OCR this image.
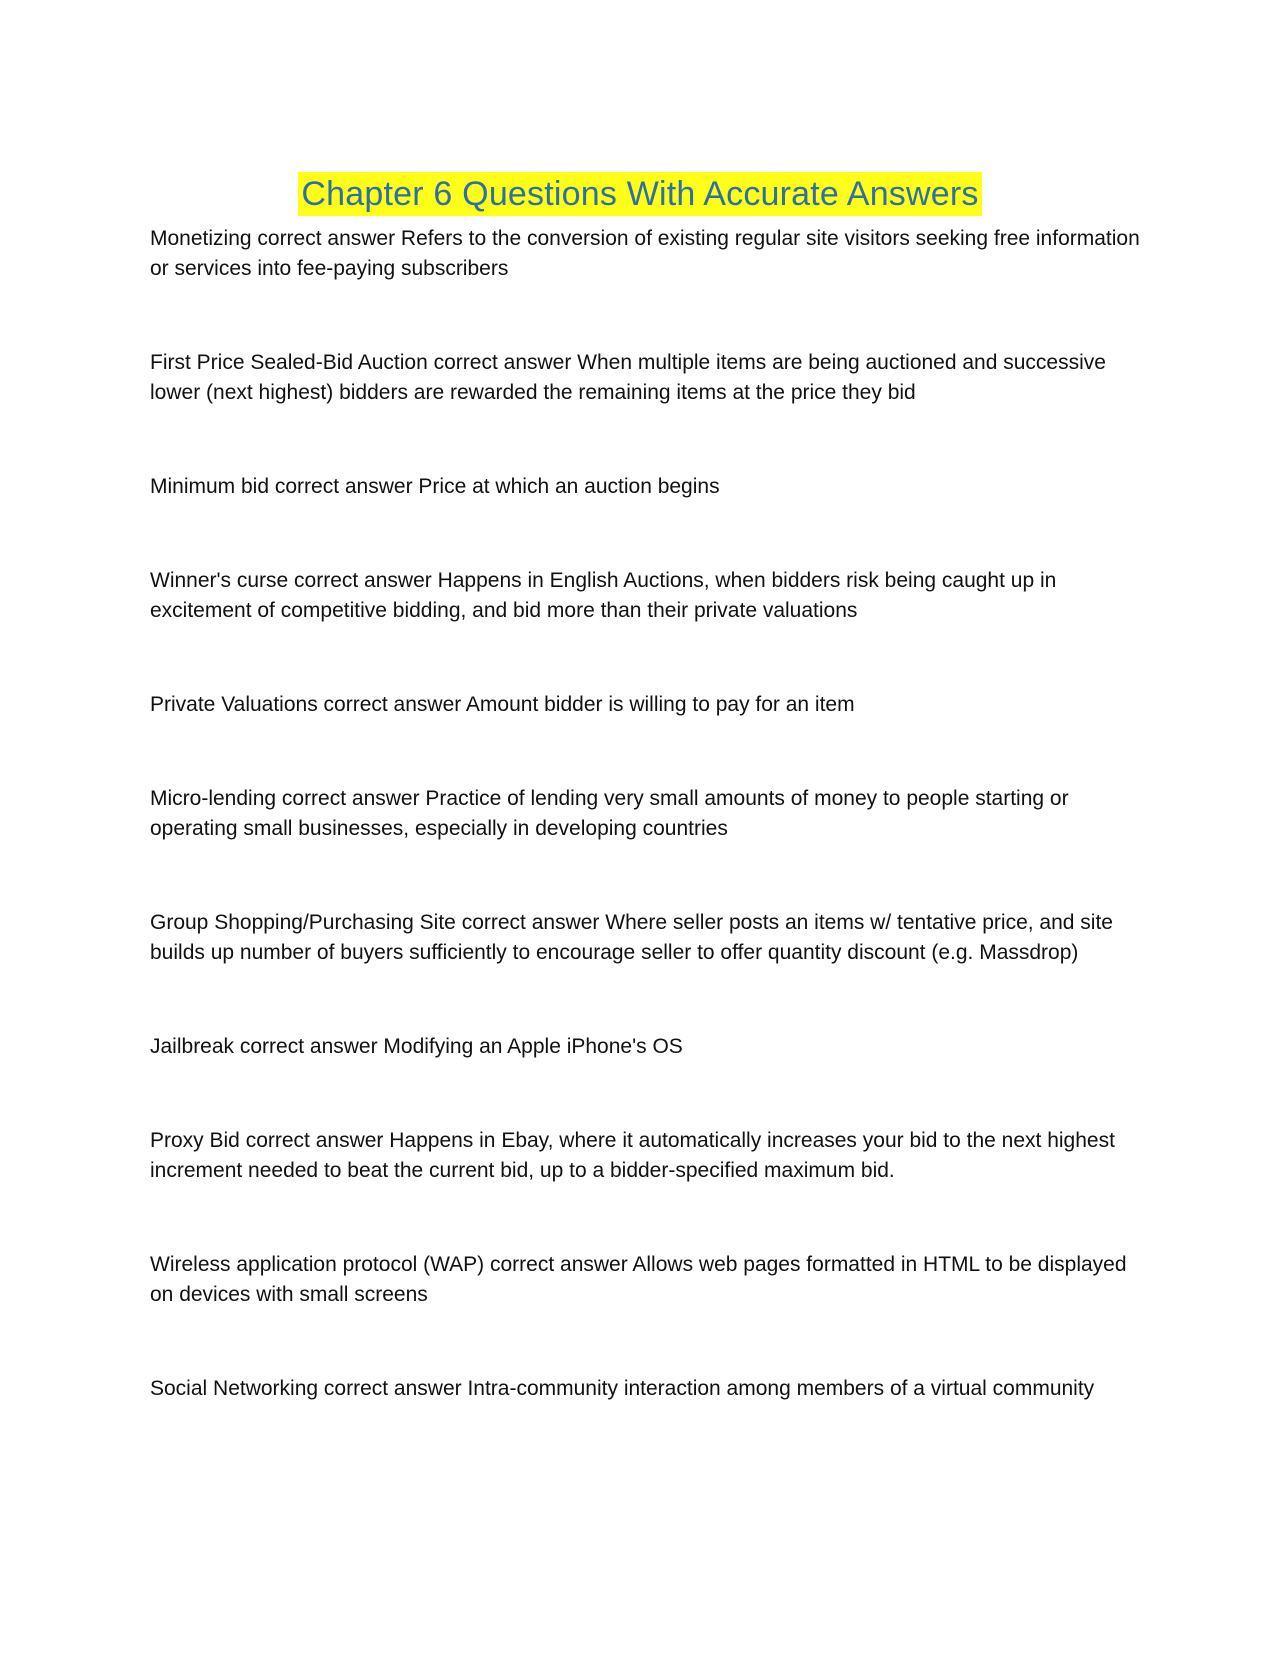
Chapter 6 Questions With Accurate Answers

Monetizing correct answer Refers to the conversion of existing regular site visitors seeking free information or services into fee-paying subscribers

First Price Sealed-Bid Auction correct answer When multiple items are being auctioned and successive lower (next highest) bidders are rewarded the remaining items at the price they bid

Minimum bid correct answer Price at which an auction begins

Winner's curse correct answer Happens in English Auctions, when bidders risk being caught up in excitement of competitive bidding, and bid more than their private valuations

Private Valuations correct answer Amount bidder is willing to pay for an item

Micro-lending correct answer Practice of lending very small amounts of money to people starting or operating small businesses, especially in developing countries

Group Shopping/Purchasing Site correct answer Where seller posts an items w/ tentative price, and site builds up number of buyers sufficiently to encourage seller to offer quantity discount (e.g. Massdrop)

Jailbreak correct answer Modifying an Apple iPhone's OS

Proxy Bid correct answer Happens in Ebay, where it automatically increases your bid to the next highest increment needed to beat the current bid, up to a bidder-specified maximum bid.

Wireless application protocol (WAP) correct answer Allows web pages formatted in HTML to be displayed on devices with small screens

Social Networking correct answer Intra-community interaction among members of a virtual community
